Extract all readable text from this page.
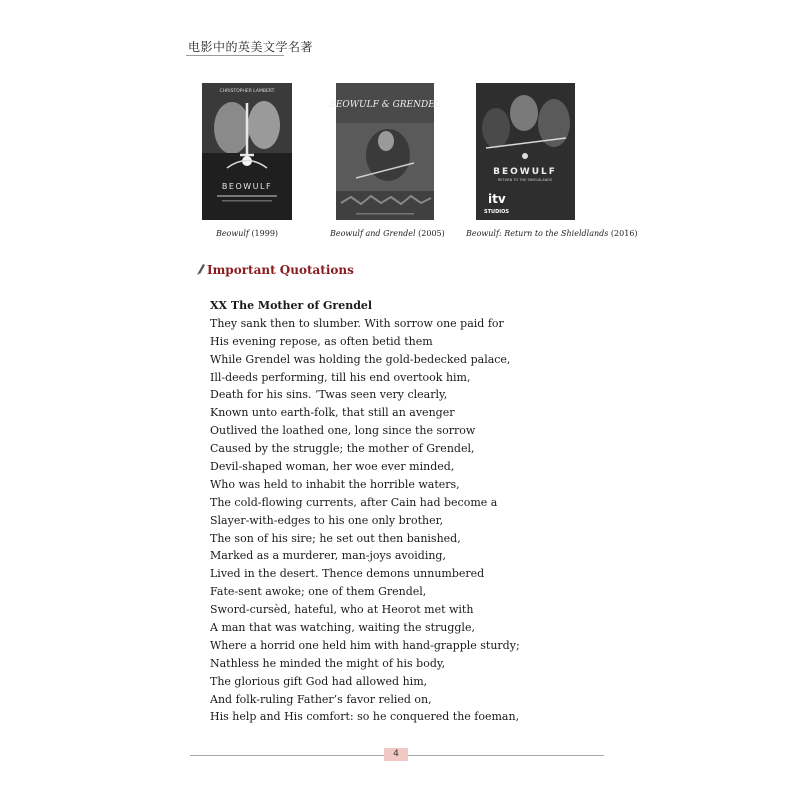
电影中的英美文学名著
CHRISTOPHER LAMBERT
BEOWULF
BEOWULF & GRENDEL
BEOWULF
RETURN TO THE SHIELDLANDS
itv
STUDIOS
Beowulf (1999)	Beowulf and Grendel (2005)	Beowulf: Return to the Shieldlands (2016)
Important Quotations
ⅩⅩ The Mother of Grendel
They sank then to slumber. With sorrow one paid for
His evening repose, as often betid them
While Grendel was holding the gold-bedecked palace,
Ill-deeds performing, till his end overtook him,
Death for his sins. ’Twas seen very clearly,
Known unto earth-folk, that still an avenger
Outlived the loathed one, long since the sorrow
Caused by the struggle; the mother of Grendel,
Devil-shaped woman, her woe ever minded,
Who was held to inhabit the horrible waters,
The cold-flowing currents, after Cain had become a
Slayer-with-edges to his one only brother,
The son of his sire; he set out then banished,
Marked as a murderer, man-joys avoiding,
Lived in the desert. Thence demons unnumbered
Fate-sent awoke; one of them Grendel,
Sword-cursèd, hateful, who at Heorot met with
A man that was watching, waiting the struggle,
Where a horrid one held him with hand-grapple sturdy;
Nathless he minded the might of his body,
The glorious gift God had allowed him,
And folk-ruling Father’s favor relied on,
His help and His comfort: so he conquered the foeman,
4
